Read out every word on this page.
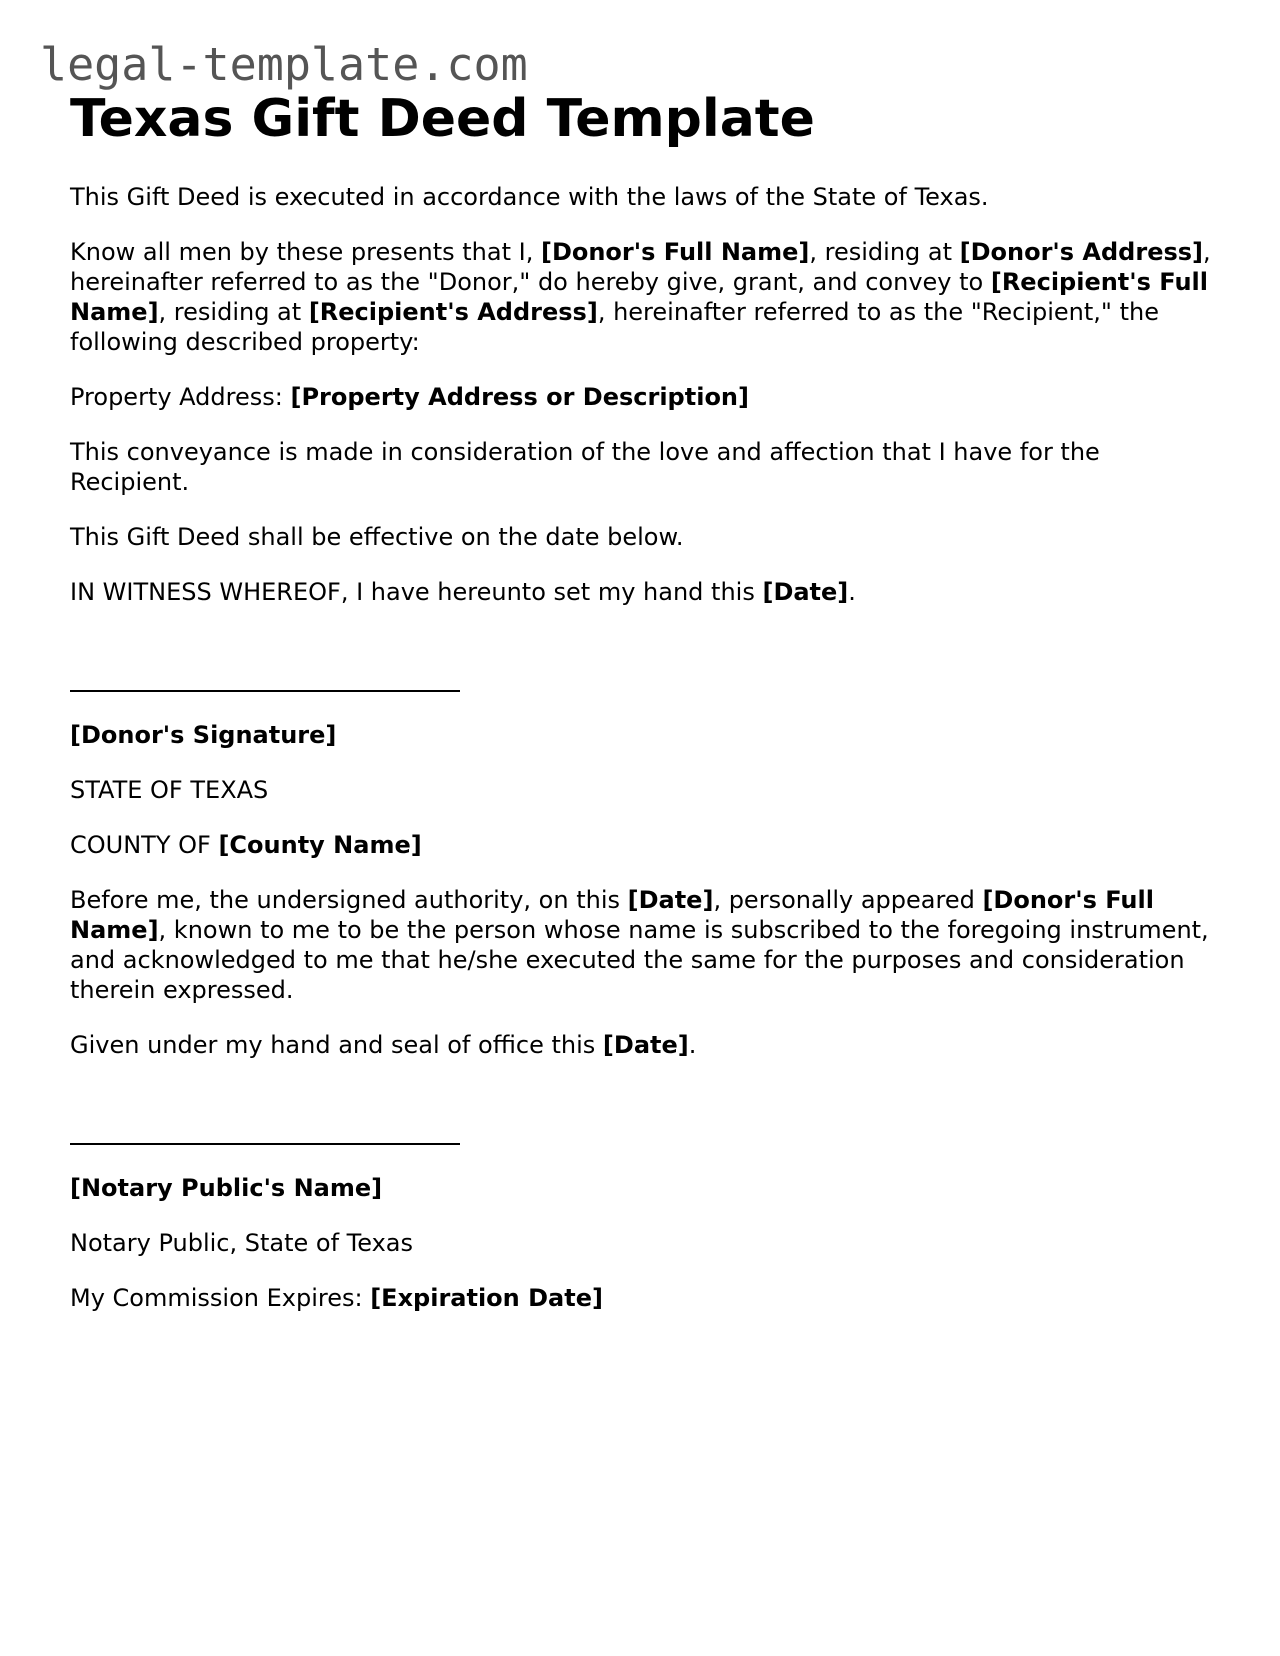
legal-template.com
Texas Gift Deed Template

This Gift Deed is executed in accordance with the laws of the State of Texas.

Know all men by these presents that I, [Donor's Full Name], residing at [Donor's Address], hereinafter referred to as the "Donor," do hereby give, grant, and convey to [Recipient's Full Name], residing at [Recipient's Address], hereinafter referred to as the "Recipient," the following described property:

Property Address: [Property Address or Description]

This conveyance is made in consideration of the love and affection that I have for the Recipient.

This Gift Deed shall be effective on the date below.

IN WITNESS WHEREOF, I have hereunto set my hand this [Date].

[Donor's Signature]

STATE OF TEXAS

COUNTY OF [County Name]

Before me, the undersigned authority, on this [Date], personally appeared [Donor's Full Name], known to me to be the person whose name is subscribed to the foregoing instrument, and acknowledged to me that he/she executed the same for the purposes and consideration therein expressed.

Given under my hand and seal of office this [Date].

[Notary Public's Name]

Notary Public, State of Texas

My Commission Expires: [Expiration Date]
